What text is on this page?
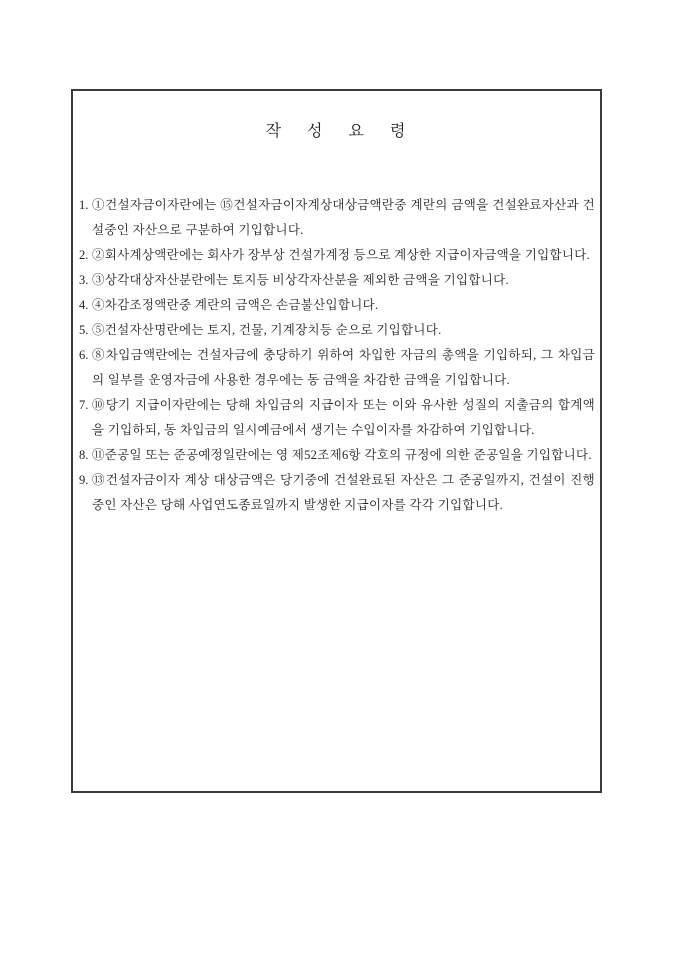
작    성    요    령
1. ①건설자금이자란에는 ⑮건설자금이자계상대상금액란중 계란의 금액을 건설완료자산과 건설중인 자산으로 구분하여 기입합니다.
2. ②회사계상액란에는 회사가 장부상 건설가계정 등으로 계상한 지급이자금액을 기입합니다.
3. ③상각대상자산분란에는 토지등 비상각자산분을 제외한 금액을 기입합니다.
4. ④차감조정액란중 계란의 금액은 손금불산입합니다.
5. ⑤건설자산명란에는 토지, 건물, 기계장치등 순으로 기입합니다.
6. ⑧차입금액란에는 건설자금에 충당하기 위하여 차입한 자금의 총액을 기입하되, 그 차입금의 일부를 운영자금에 사용한 경우에는 동 금액을 차감한 금액을 기입합니다.
7. ⑩당기 지급이자란에는 당해 차입금의 지급이자 또는 이와 유사한 성질의 지출금의 합계액을 기입하되, 동 차입금의 일시예금에서 생기는 수입이자를 차감하여 기입합니다.
8. ⑪준공일 또는 준공예정일란에는 영 제52조제6항 각호의 규정에 의한 준공일을 기입합니다.
9. ⑬건설자금이자 계상 대상금액은 당기중에 건설완료된 자산은 그 준공일까지, 건설이 진행중인 자산은 당해 사업연도종료일까지 발생한 지급이자를 각각 기입합니다.
